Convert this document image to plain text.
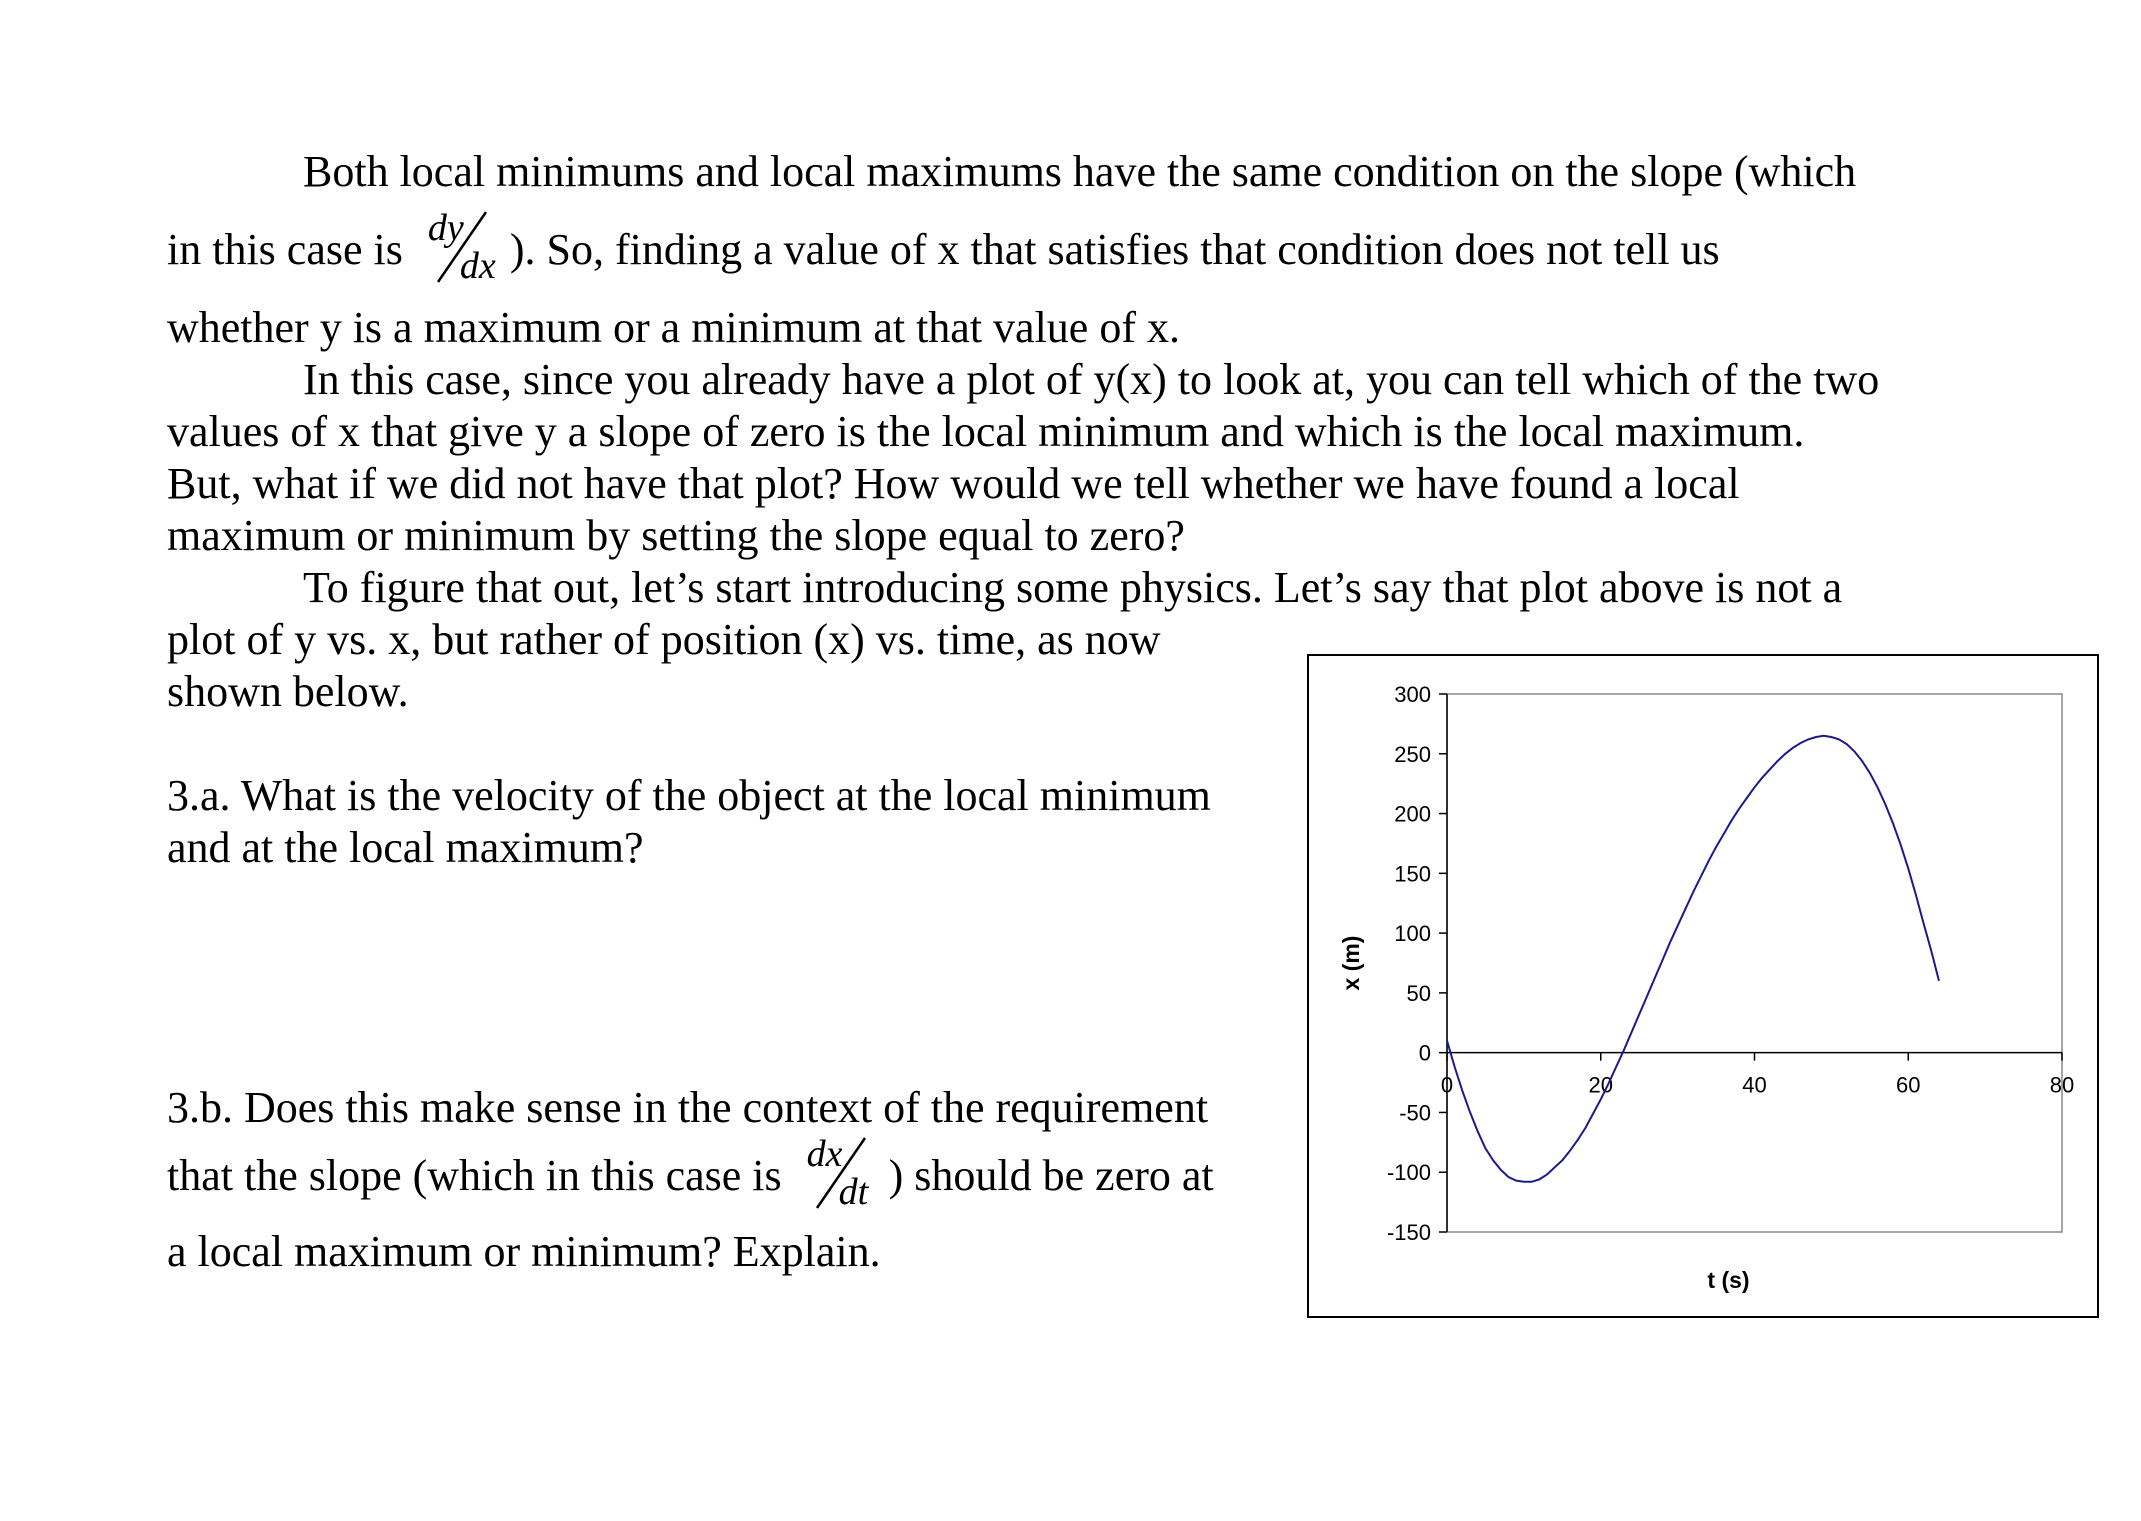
Both local minimums and local maximums have the same condition on the slope (which
in this case is dy
dx ). So, finding a value of x that satisfies that condition does not tell us
whether y is a maximum or a minimum at that value of x.
In this case, since you already have a plot of y(x) to look at, you can tell which of the two
values of x that give y a slope of zero is the local minimum and which is the local maximum.
But, what if we did not have that plot? How would we tell whether we have found a local
maximum or minimum by setting the slope equal to zero?
To figure that out, let’s start introducing some physics. Let’s say that plot above is not a
plot of y vs. x, but rather of position (x) vs. time, as now
shown below.
3.a. What is the velocity of the object at the local minimum
and at the local maximum?
3.b. Does this make sense in the context of the requirement
that the slope (which in this case is dx
dt ) should be zero at
a local maximum or minimum? Explain.
300
250
200
150
100
50
0
-50
-100
-150
0	20	40	60	80
t (s)
x (m)
